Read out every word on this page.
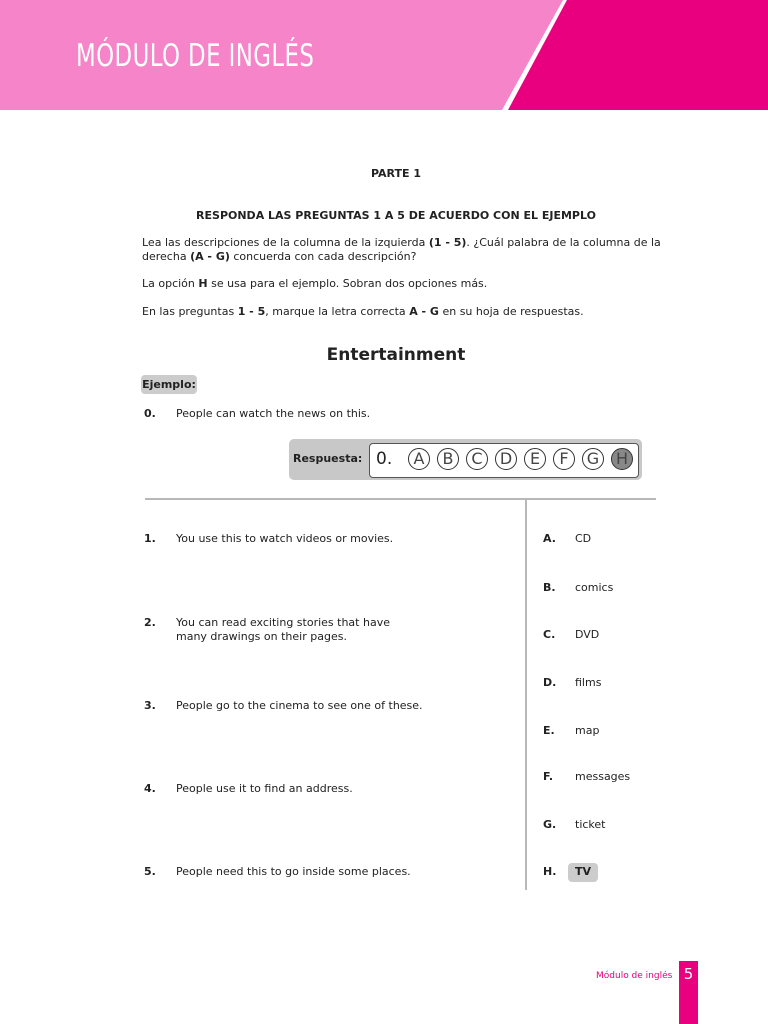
MÓDULO DE INGLÉS
PARTE 1
RESPONDA LAS PREGUNTAS 1 A 5 DE ACUERDO CON EL EJEMPLO
Lea las descripciones de la columna de la izquierda (1 - 5). ¿Cuál palabra de la columna de la derecha (A - G) concuerda con cada descripción?
La opción H se usa para el ejemplo. Sobran dos opciones más.
En las preguntas 1 - 5, marque la letra correcta A - G en su hoja de respuestas.
Entertainment
Ejemplo:
0. People can watch the news on this.
Respuesta: 0.	A	B	C	D	E	F	G	H
1. You use this to watch videos or movies.
2. You can read exciting stories that have many drawings on their pages.
3. People go to the cinema to see one of these.
4. People use it to find an address.
5. People need this to go inside some places.
A. CD
B. comics
C. DVD
D. films
E. map
F. messages
G. ticket
H. TV
Módulo de inglés 5
